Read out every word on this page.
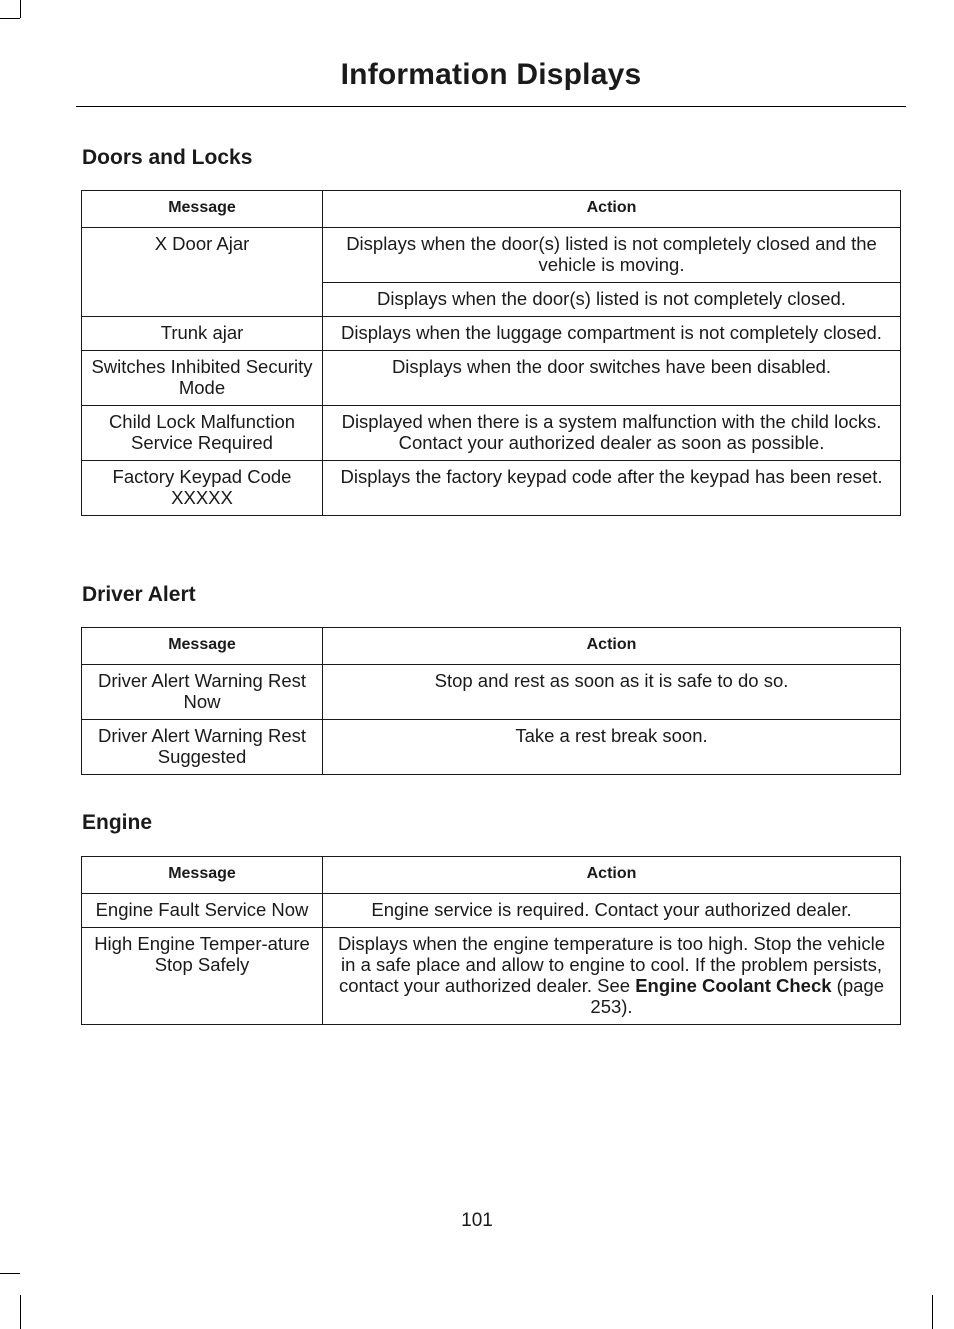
Information Displays
Doors and Locks
Message	Action
X Door Ajar	Displays when the door(s) listed is not completely closed and the vehicle is moving.
	Displays when the door(s) listed is not completely closed.
Trunk ajar	Displays when the luggage compartment is not completely closed.
Switches Inhibited Security Mode	Displays when the door switches have been disabled.
Child Lock Malfunction Service Required	Displayed when there is a system malfunction with the child locks. Contact your authorized dealer as soon as possible.
Factory Keypad Code XXXXX	Displays the factory keypad code after the keypad has been reset.
Driver Alert
Message	Action
Driver Alert Warning Rest Now	Stop and rest as soon as it is safe to do so.
Driver Alert Warning Rest Suggested	Take a rest break soon.
Engine
Message	Action
Engine Fault Service Now	Engine service is required. Contact your authorized dealer.
High Engine Temper-ature Stop Safely	Displays when the engine temperature is too high. Stop the vehicle in a safe place and allow to engine to cool. If the problem persists, contact your authorized dealer. See Engine Coolant Check (page 253).
101
